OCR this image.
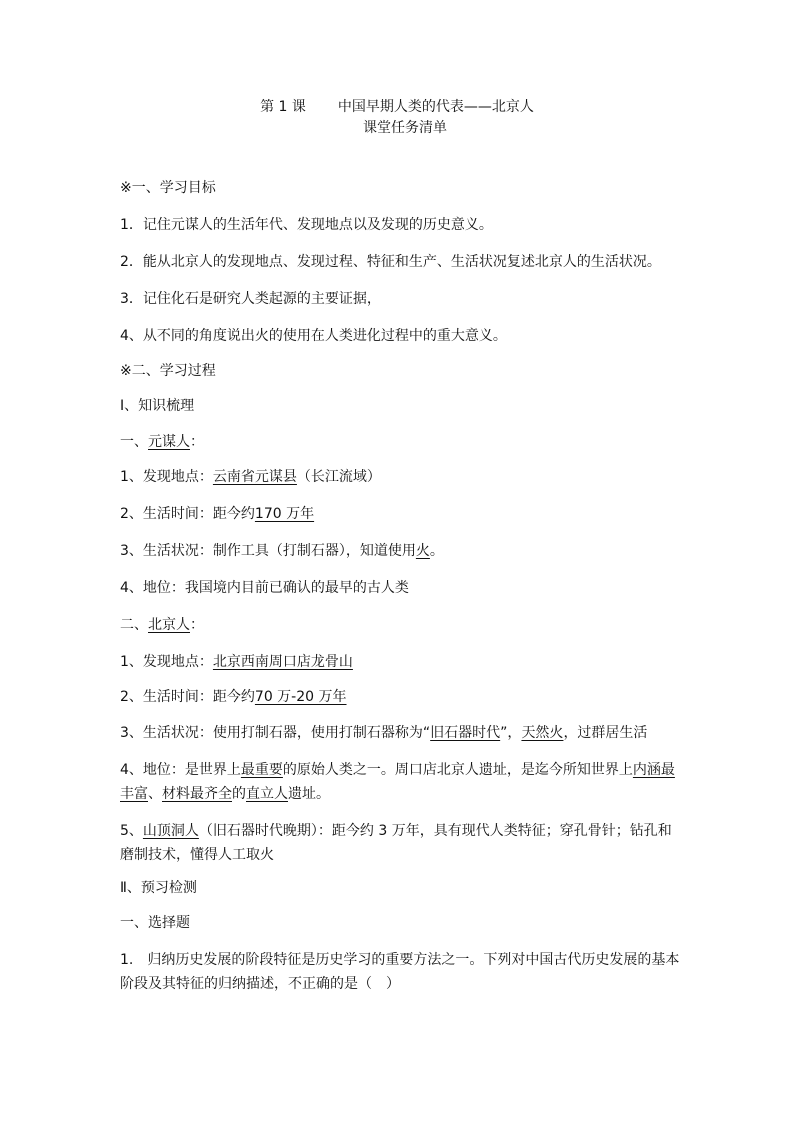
第 1 课 中国早期人类的代表——北京人
课堂任务清单
※一、学习目标
1．记住元谋人的生活年代、发现地点以及发现的历史意义。
2．能从北京人的发现地点、发现过程、特征和生产、生活状况复述北京人的生活状况。
3．记住化石是研究人类起源的主要证据，
4、从不同的角度说出火的使用在人类进化过程中的重大意义。
※二、学习过程
Ⅰ、知识梳理
一、元谋人：
1、发现地点：云南省元谋县（长江流域）
2、生活时间：距今约170 万年
3、生活状况：制作工具（打制石器），知道使用火。
4、地位：我国境内目前已确认的最早的古人类
二、北京人：
1、发现地点：北京西南周口店龙骨山
2、生活时间：距今约70 万-20 万年
3、生活状况：使用打制石器，使用打制石器称为“旧石器时代”，天然火，过群居生活
4、地位：是世界上最重要的原始人类之一。周口店北京人遗址，是迄今所知世界上内涵最丰富、材料最齐全的直立人遗址。
5、山顶洞人（旧石器时代晚期）：距今约 3 万年，具有现代人类特征；穿孔骨针；钻孔和磨制技术，懂得人工取火
Ⅱ、预习检测
一、选择题
1.　归纳历史发展的阶段特征是历史学习的重要方法之一。下列对中国古代历史发展的基本阶段及其特征的归纳描述，不正确的是（　）
